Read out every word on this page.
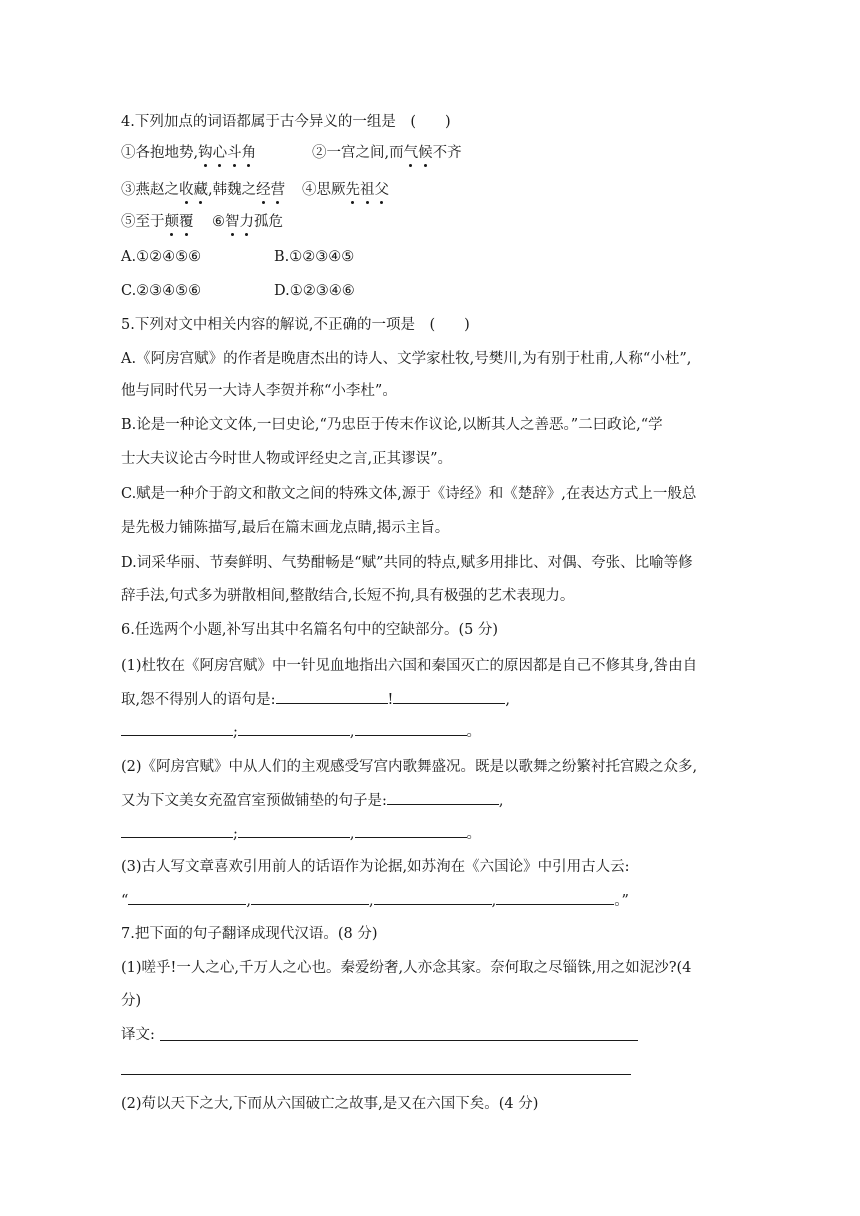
4.下列加点的词语都属于古今异义的一组是　(　　)
①各抱地势,钩心斗角	②一宫之间,而气候不齐
③燕赵之收藏,韩魏之经营 ④思厥先祖父
⑤至于颠覆 ⑥智力孤危
A.①②④⑤⑥	B.①②③④⑤
C.②③④⑤⑥	D.①②③④⑥
5.下列对文中相关内容的解说,不正确的一项是　(　　)
A.《阿房宫赋》的作者是晚唐杰出的诗人、文学家杜牧,号樊川,为有别于杜甫,人称“小杜”,
他与同时代另一大诗人李贺并称“小李杜”。
B.论是一种论文文体,一曰史论,“乃忠臣于传末作议论,以断其人之善恶。”二曰政论,“学
士大夫议论古今时世人物或评经史之言,正其谬误”。
C.赋是一种介于韵文和散文之间的特殊文体,源于《诗经》和《楚辞》,在表达方式上一般总
是先极力铺陈描写,最后在篇末画龙点睛,揭示主旨。
D.词采华丽、节奏鲜明、气势酣畅是“赋”共同的特点,赋多用排比、对偶、夸张、比喻等修
辞手法,句式多为骈散相间,整散结合,长短不拘,具有极强的艺术表现力。
6.任选两个小题,补写出其中名篇名句中的空缺部分。(5 分)
(1)杜牧在《阿房宫赋》中一针见血地指出六国和秦国灭亡的原因都是自己不修其身,咎由自
取,怨不得别人的语句是:	!	,
;	,	。
(2)《阿房宫赋》中从人们的主观感受写宫内歌舞盛况。既是以歌舞之纷繁衬托宫殿之众多,
又为下文美女充盈宫室预做铺垫的句子是:	,
;	,	。
(3)古人写文章喜欢引用前人的话语作为论据,如苏洵在《六国论》中引用古人云:
“	,	,	,	。”
7.把下面的句子翻译成现代汉语。(8 分)
(1)嗟乎!一人之心,千万人之心也。秦爱纷奢,人亦念其家。奈何取之尽锱铢,用之如泥沙?(4
分)
译文:
(2)苟以天下之大,下而从六国破亡之故事,是又在六国下矣。(4 分)
